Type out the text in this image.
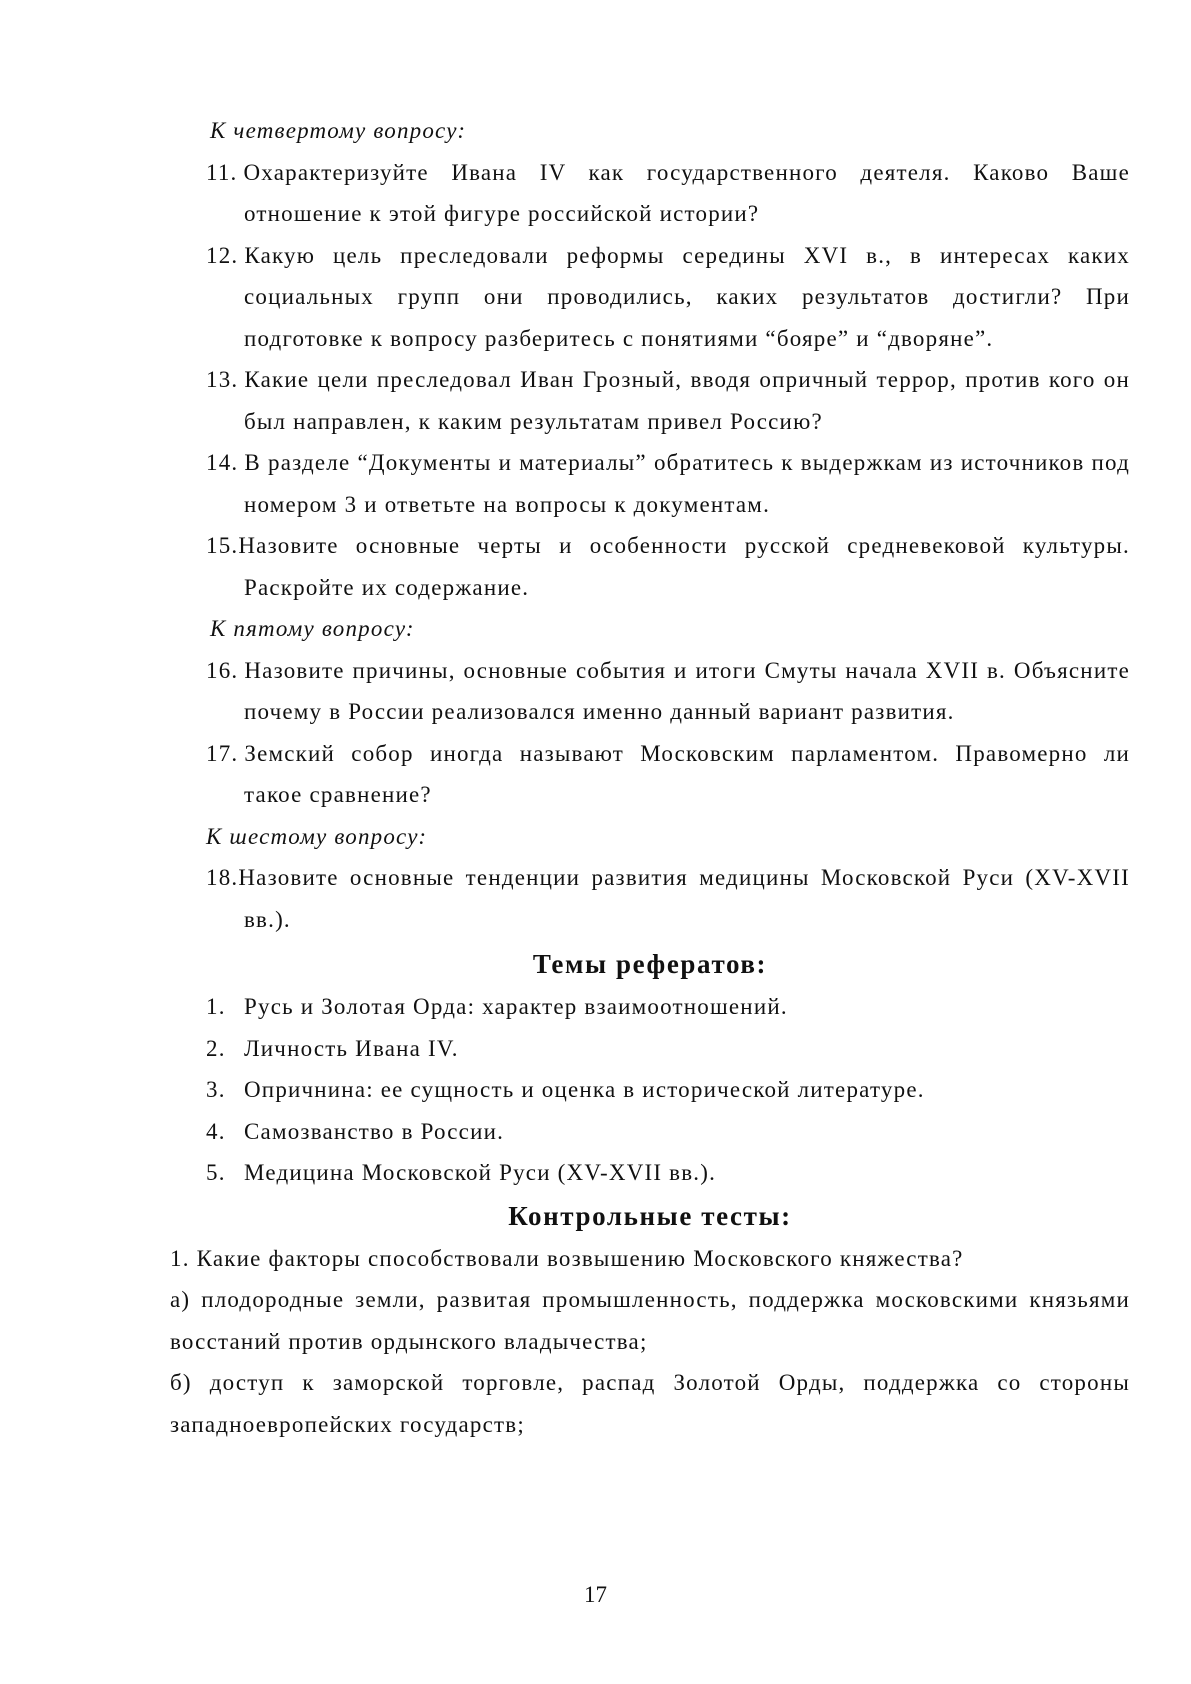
К четвертому вопросу:

11. Охарактеризуйте Ивана IV как государственного деятеля. Каково Ваше отношение к этой фигуре российской истории?
12. Какую цель преследовали реформы середины XVI в., в интересах каких социальных групп они проводились, каких результатов достигли? При подготовке к вопросу разберитесь с понятиями “бояре” и “дворяне”.
13. Какие цели преследовал Иван Грозный, вводя опричный террор, против кого он был направлен, к каким результатам привел Россию?
14. В разделе “Документы и материалы” обратитесь к выдержкам из источников под номером 3 и ответьте на вопросы к документам.
15.Назовите основные черты и особенности русской средневековой культуры. Раскройте их содержание.

К пятому вопросу:

16. Назовите причины, основные события и итоги Смуты начала XVII в. Объясните почему в России реализовался именно данный вариант развития.
17. Земский собор иногда называют Московским парламентом. Правомерно ли такое сравнение?

К шестому вопросу:

18.Назовите основные тенденции развития медицины Московской Руси (XV-XVII вв.).

Темы рефератов:

1. Русь и Золотая Орда: характер взаимоотношений.
2. Личность Ивана IV.
3. Опричнина: ее сущность и оценка в исторической литературе.
4. Самозванство в России.
5. Медицина Московской Руси (XV-XVII вв.).

Контрольные тесты:

1. Какие факторы способствовали возвышению Московского княжества?
а) плодородные земли, развитая промышленность, поддержка московскими князьями восстаний против ордынского владычества;
б) доступ к заморской торговле, распад Золотой Орды, поддержка со стороны западноевропейских государств;
17
